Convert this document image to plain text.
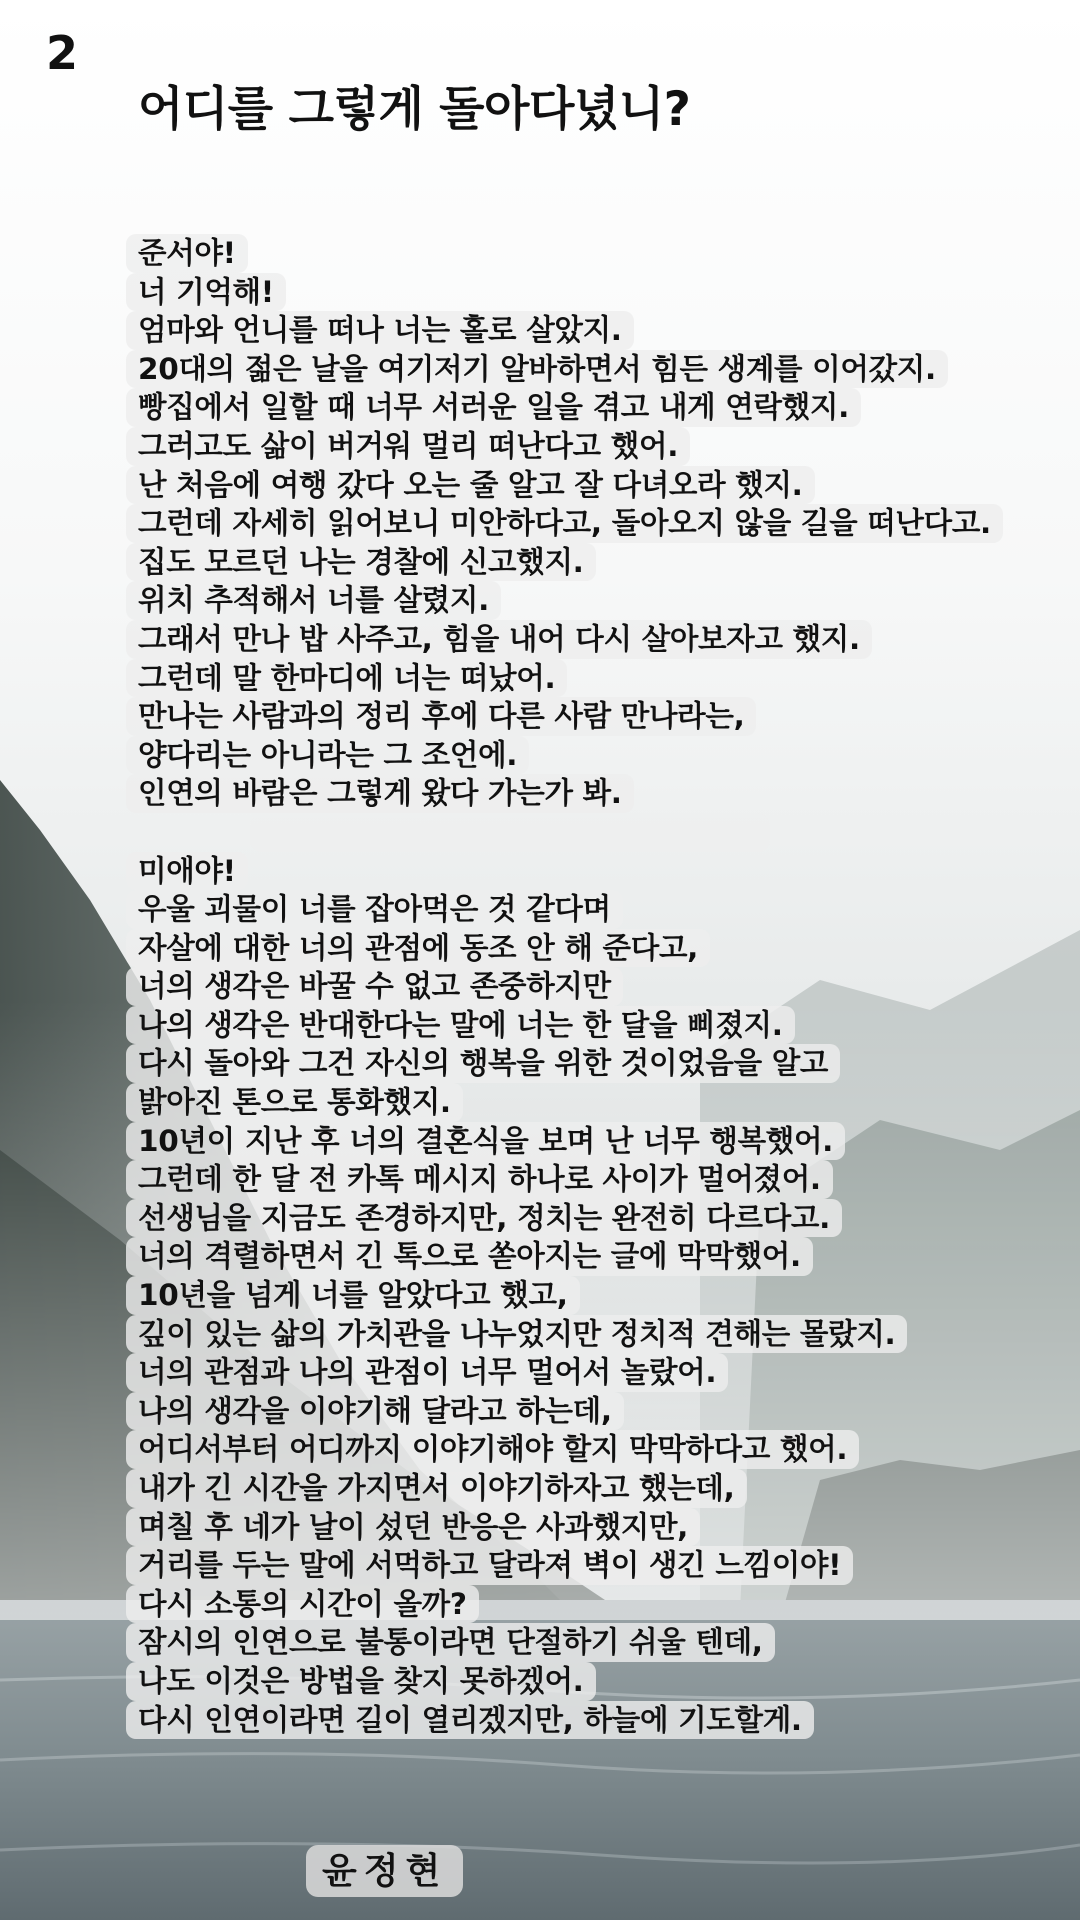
2
어디를 그렇게 돌아다녔니?
준서야!
너 기억해!
엄마와 언니를 떠나 너는 홀로 살았지.
20대의 젊은 날을 여기저기 알바하면서 힘든 생계를 이어갔지.
빵집에서 일할 때 너무 서러운 일을 겪고 내게 연락했지.
그러고도 삶이 버거워 멀리 떠난다고 했어.
난 처음에 여행 갔다 오는 줄 알고 잘 다녀오라 했지.
그런데 자세히 읽어보니 미안하다고, 돌아오지 않을 길을 떠난다고.
집도 모르던 나는 경찰에 신고했지.
위치 추적해서 너를 살렸지.
그래서 만나 밥 사주고, 힘을 내어 다시 살아보자고 했지.
그런데 말 한마디에 너는 떠났어.
만나는 사람과의 정리 후에 다른 사람 만나라는,
양다리는 아니라는 그 조언에.
인연의 바람은 그렇게 왔다 가는가 봐.
미애야!
우울 괴물이 너를 잡아먹은 것 같다며
자살에 대한 너의 관점에 동조 안 해 준다고,
너의 생각은 바꿀 수 없고 존중하지만
나의 생각은 반대한다는 말에 너는 한 달을 삐졌지.
다시 돌아와 그건 자신의 행복을 위한 것이었음을 알고
밝아진 톤으로 통화했지.
10년이 지난 후 너의 결혼식을 보며 난 너무 행복했어.
그런데 한 달 전 카톡 메시지 하나로 사이가 멀어졌어.
선생님을 지금도 존경하지만, 정치는 완전히 다르다고.
너의 격렬하면서 긴 톡으로 쏟아지는 글에 막막했어.
10년을 넘게 너를 알았다고 했고,
깊이 있는 삶의 가치관을 나누었지만 정치적 견해는 몰랐지.
너의 관점과 나의 관점이 너무 멀어서 놀랐어.
나의 생각을 이야기해 달라고 하는데,
어디서부터 어디까지 이야기해야 할지 막막하다고 했어.
내가 긴 시간을 가지면서 이야기하자고 했는데,
며칠 후 네가 날이 섰던 반응은 사과했지만,
거리를 두는 말에 서먹하고 달라져 벽이 생긴 느낌이야!
다시 소통의 시간이 올까?
잠시의 인연으로 불통이라면 단절하기 쉬울 텐데,
나도 이것은 방법을 찾지 못하겠어.
다시 인연이라면 길이 열리겠지만, 하늘에 기도할게.
윤정현
